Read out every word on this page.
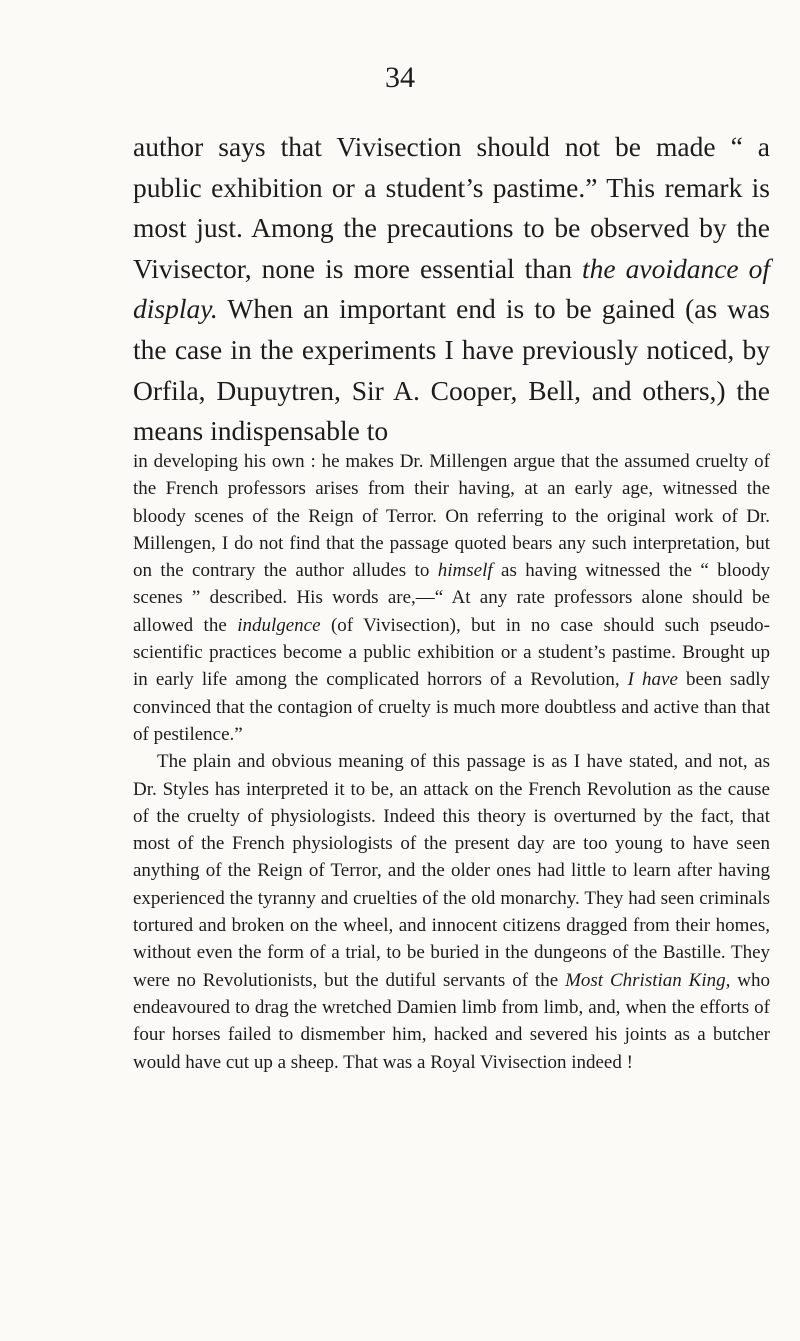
34

author says that Vivisection should not be made “ a public exhibition or a student’s pastime.” This remark is most just. Among the precautions to be observed by the Vivisector, none is more essential than the avoidance of display. When an important end is to be gained (as was the case in the experiments I have previously noticed, by Orfila, Dupuytren, Sir A. Cooper, Bell, and others,) the means indispensable to

in developing his own : he makes Dr. Millengen argue that the assumed cruelty of the French professors arises from their having, at an early age, witnessed the bloody scenes of the Reign of Terror. On referring to the original work of Dr. Millengen, I do not find that the passage quoted bears any such interpretation, but on the contrary the author alludes to himself as having witnessed the “ bloody scenes ” described. His words are,—“ At any rate professors alone should be allowed the indulgence (of Vivisection), but in no case should such pseudo-scientific practices become a public exhibition or a student’s pastime. Brought up in early life among the complicated horrors of a Revolution, I have been sadly convinced that the contagion of cruelty is much more doubtless and active than that of pestilence.”

The plain and obvious meaning of this passage is as I have stated, and not, as Dr. Styles has interpreted it to be, an attack on the French Revolution as the cause of the cruelty of physiologists. Indeed this theory is overturned by the fact, that most of the French physiologists of the present day are too young to have seen anything of the Reign of Terror, and the older ones had little to learn after having experienced the tyranny and cruelties of the old monarchy. They had seen criminals tortured and broken on the wheel, and innocent citizens dragged from their homes, without even the form of a trial, to be buried in the dungeons of the Bastille. They were no Revolutionists, but the dutiful servants of the Most Christian King, who endeavoured to drag the wretched Damien limb from limb, and, when the efforts of four horses failed to dismember him, hacked and severed his joints as a butcher would have cut up a sheep. That was a Royal Vivisection indeed !
